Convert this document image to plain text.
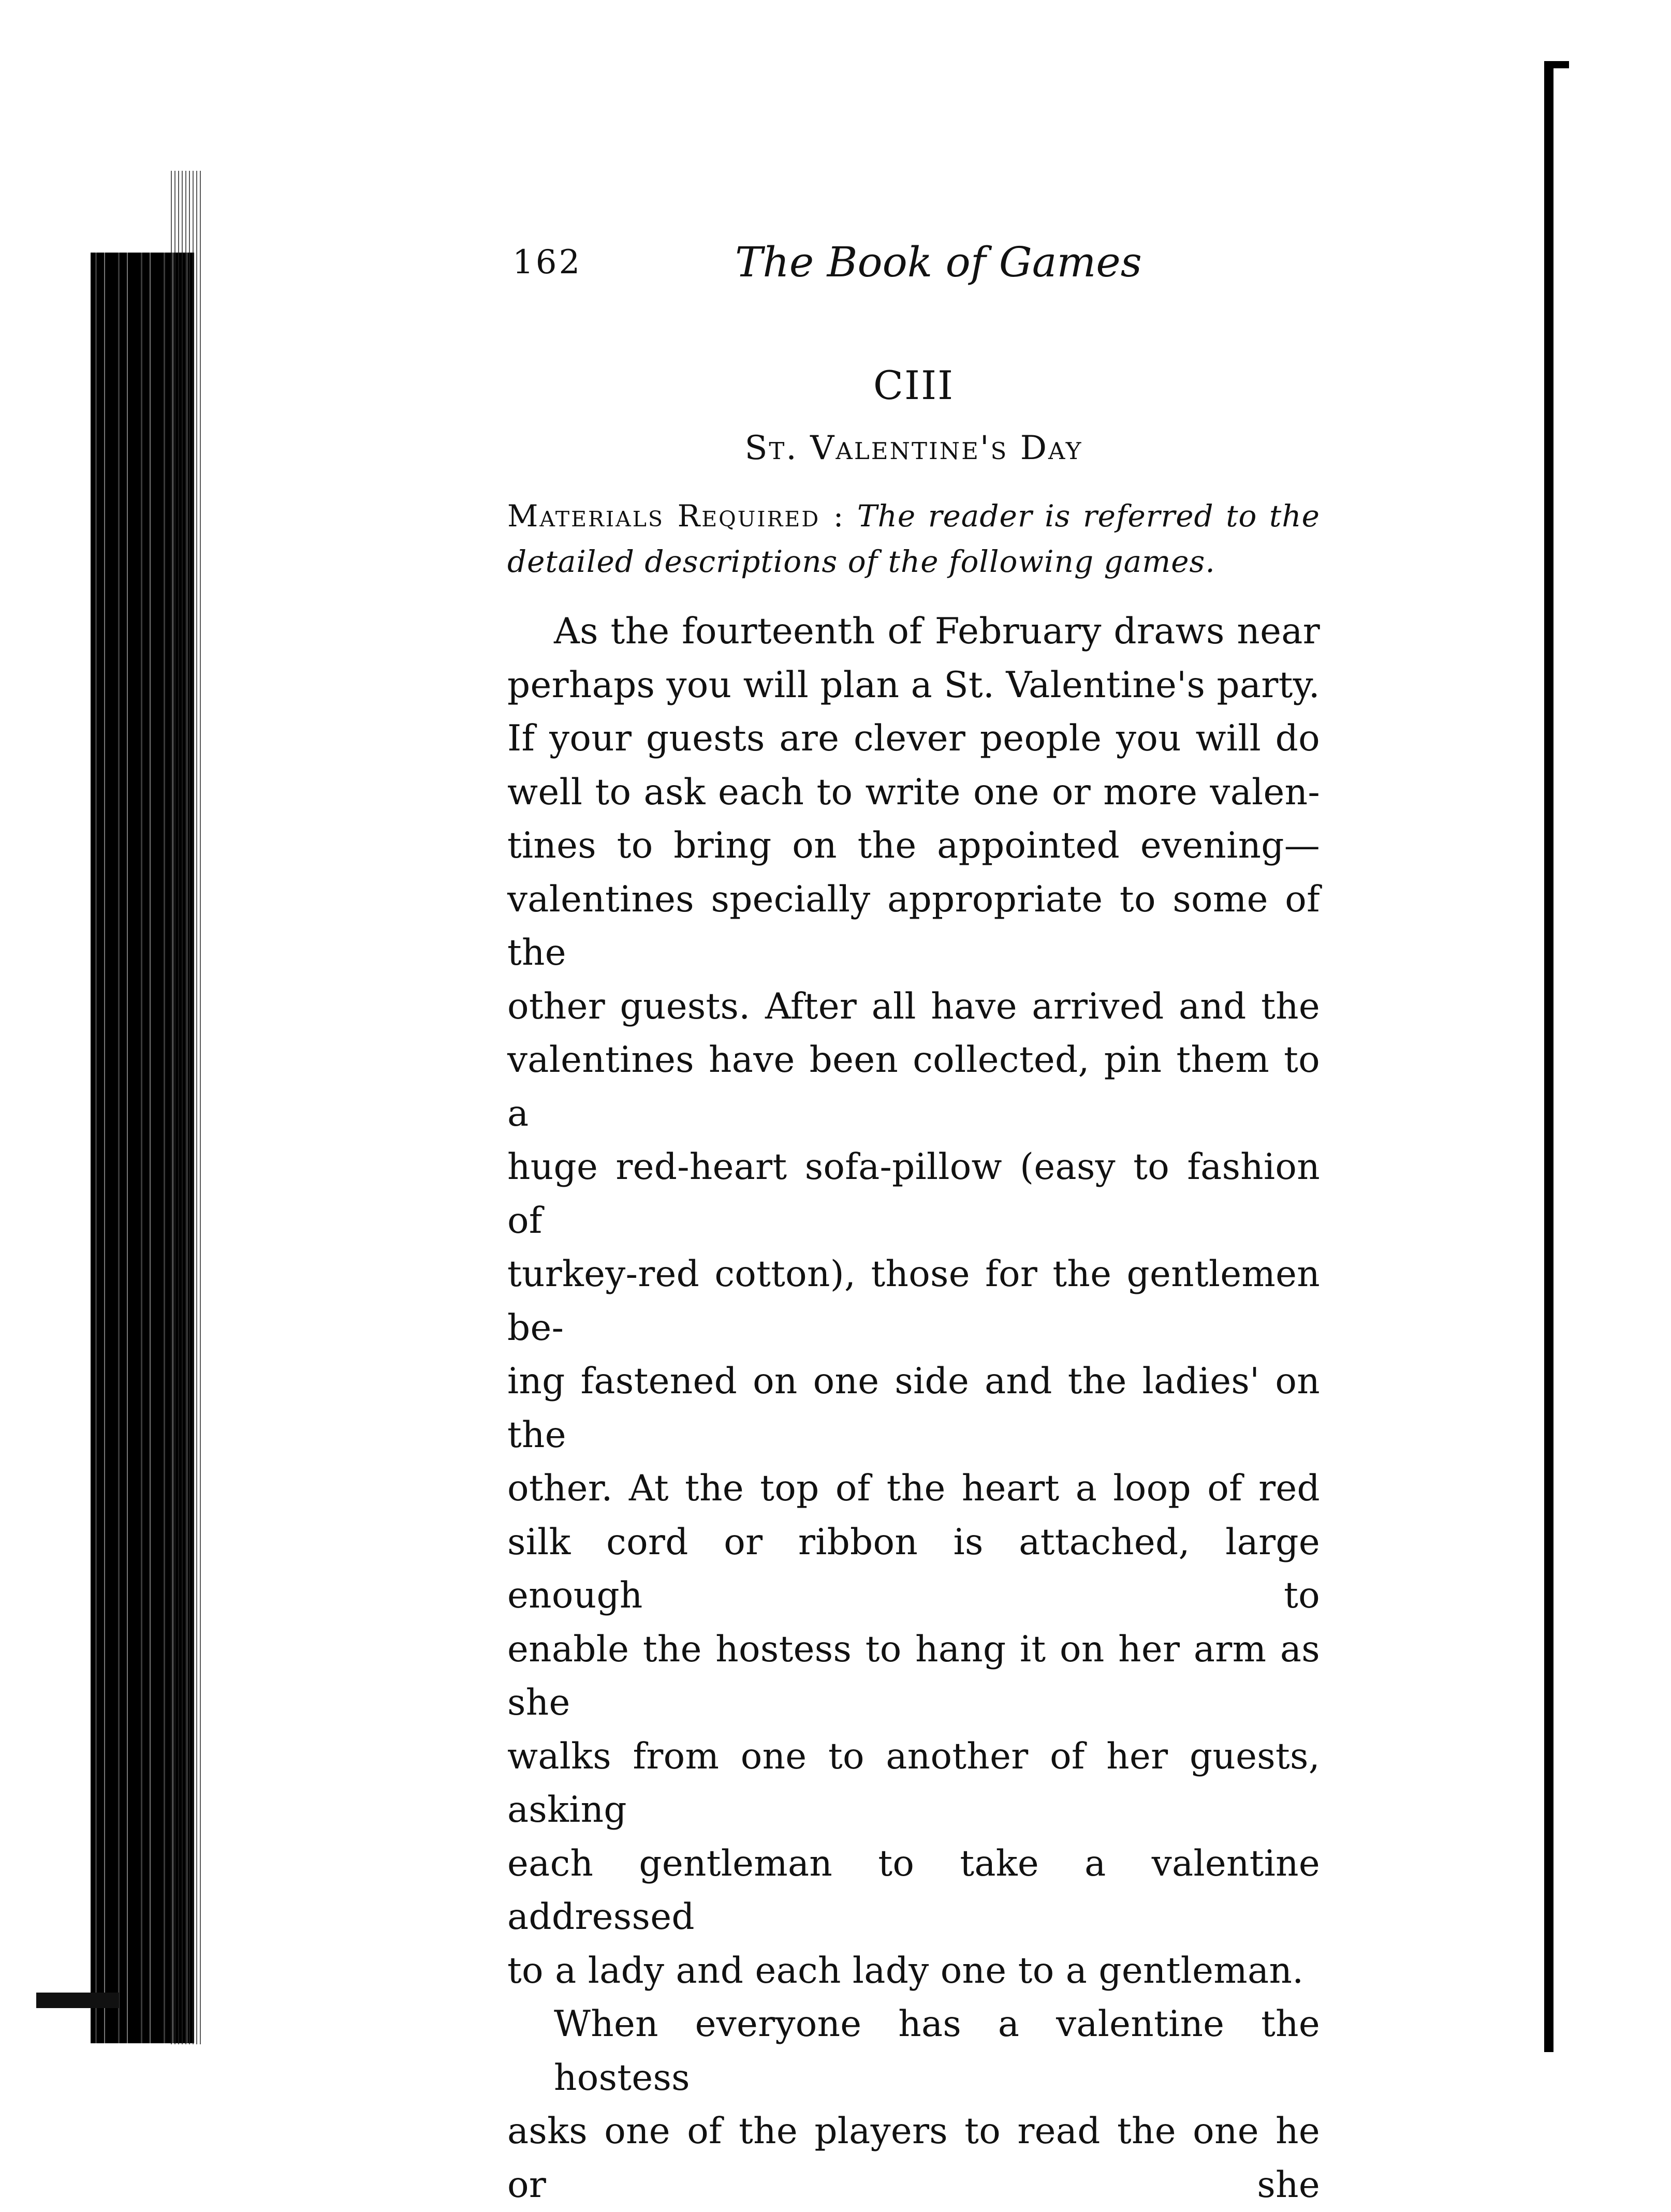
162	The Book of Games
CIII
St. Valentine's Day
Materials Required : The reader is referred to the detailed descriptions of the following games.
As the fourteenth of February draws near
perhaps you will plan a St. Valentine's party.
If your guests are clever people you will do
well to ask each to write one or more valen-
tines to bring on the appointed evening—
valentines specially appropriate to some of the
other guests. After all have arrived and the
valentines have been collected, pin them to a
huge red-heart sofa-pillow (easy to fashion of
turkey-red cotton), those for the gentlemen be-
ing fastened on one side and the ladies' on the
other. At the top of the heart a loop of red
silk cord or ribbon is attached, large enough to
enable the hostess to hang it on her arm as she
walks from one to another of her guests, asking
each gentleman to take a valentine addressed
to a lady and each lady one to a gentleman.
When everyone has a valentine the hostess
asks one of the players to read the one he or she
